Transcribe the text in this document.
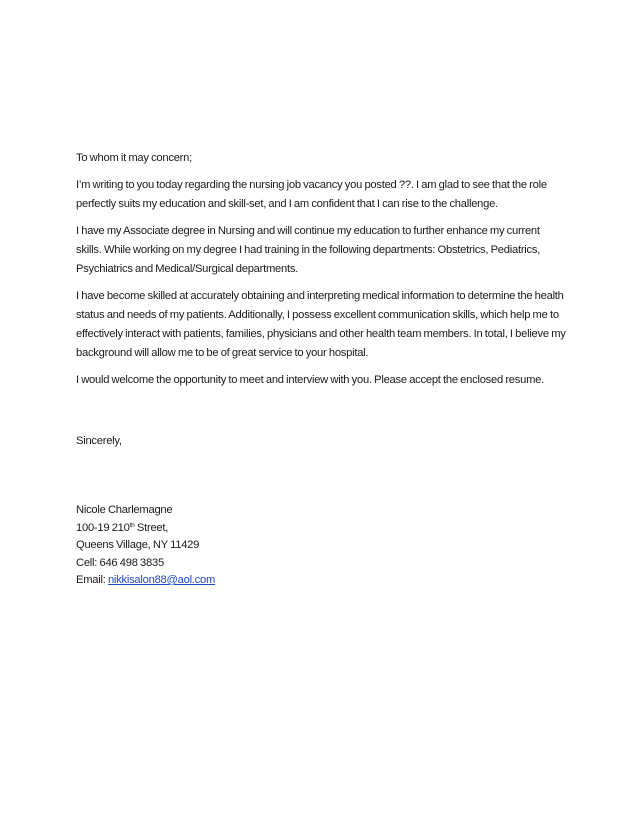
To whom it may concern;

I’m writing to you today regarding the nursing job vacancy you posted ??. I am glad to see that the role perfectly suits my education and skill-set, and I am confident that I can rise to the challenge.

I have my Associate degree in Nursing and will continue my education to further enhance my current skills. While working on my degree I had training in the following departments: Obstetrics, Pediatrics, Psychiatrics and Medical/Surgical departments.

I have become skilled at accurately obtaining and interpreting medical information to determine the health status and needs of my patients. Additionally, I possess excellent communication skills, which help me to effectively interact with patients, families, physicians and other health team members. In total, I believe my background will allow me to be of great service to your hospital.

I would welcome the opportunity to meet and interview with you. Please accept the enclosed resume.

Sincerely,

Nicole Charlemagne
100-19 210th Street,
Queens Village, NY 11429
Cell: 646 498 3835
Email: nikkisalon88@aol.com
